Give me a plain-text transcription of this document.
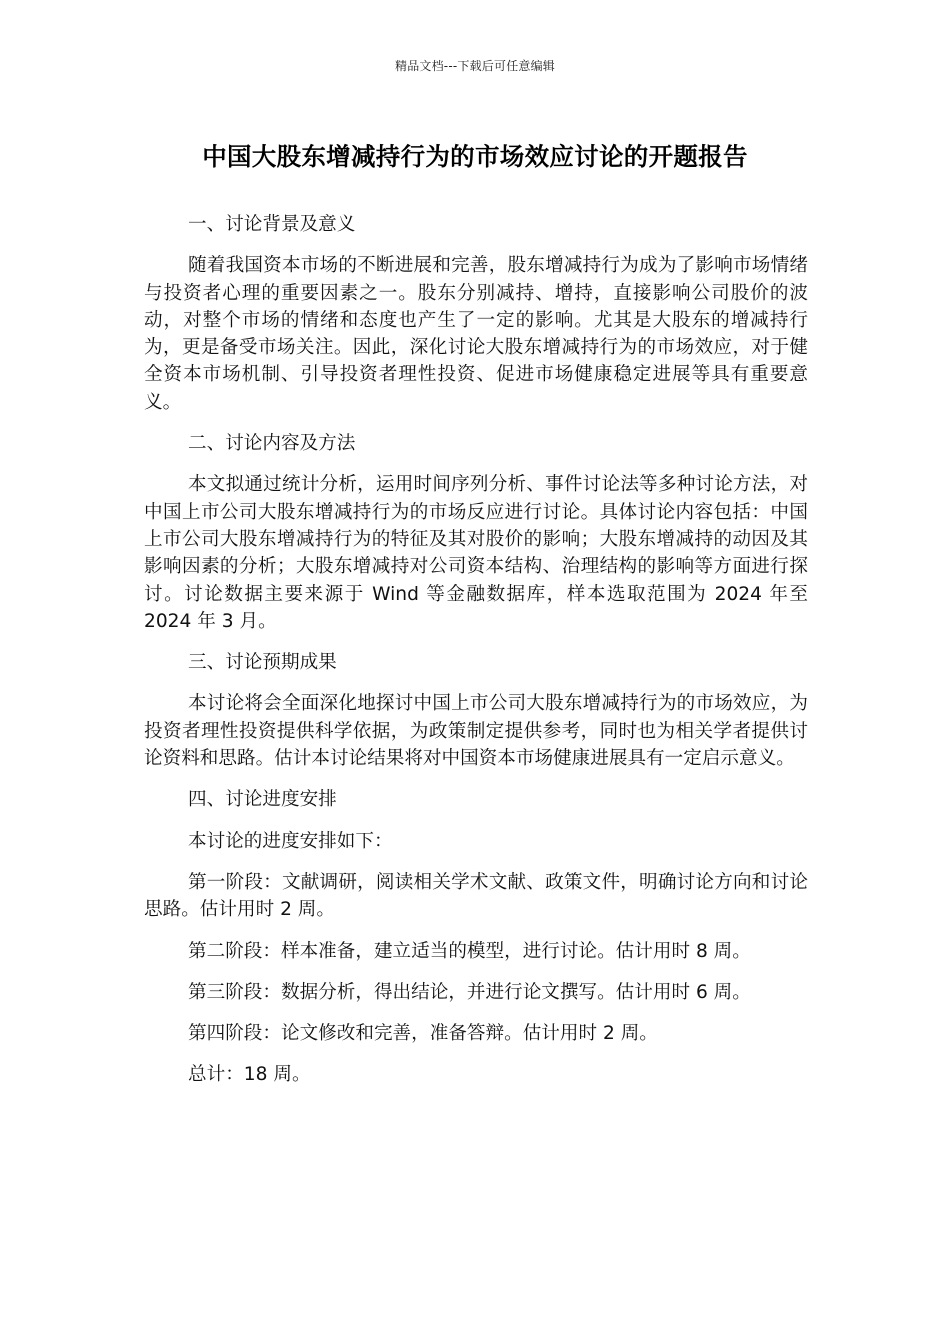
精品文档---下载后可任意编辑
中国大股东增减持行为的市场效应讨论的开题报告

一、讨论背景及意义

随着我国资本市场的不断进展和完善，股东增减持行为成为了影响市场情绪与投资者心理的重要因素之一。股东分别减持、增持，直接影响公司股价的波动，对整个市场的情绪和态度也产生了一定的影响。尤其是大股东的增减持行为，更是备受市场关注。因此，深化讨论大股东增减持行为的市场效应，对于健全资本市场机制、引导投资者理性投资、促进市场健康稳定进展等具有重要意义。

二、讨论内容及方法

本文拟通过统计分析，运用时间序列分析、事件讨论法等多种讨论方法，对中国上市公司大股东增减持行为的市场反应进行讨论。具体讨论内容包括：中国上市公司大股东增减持行为的特征及其对股价的影响；大股东增减持的动因及其影响因素的分析；大股东增减持对公司资本结构、治理结构的影响等方面进行探讨。讨论数据主要来源于 Wind 等金融数据库，样本选取范围为 2024 年至 2024 年 3 月。

三、讨论预期成果

本讨论将会全面深化地探讨中国上市公司大股东增减持行为的市场效应，为投资者理性投资提供科学依据，为政策制定提供参考，同时也为相关学者提供讨论资料和思路。估计本讨论结果将对中国资本市场健康进展具有一定启示意义。

四、讨论进度安排

本讨论的进度安排如下：

第一阶段：文献调研，阅读相关学术文献、政策文件，明确讨论方向和讨论思路。估计用时 2 周。

第二阶段：样本准备，建立适当的模型，进行讨论。估计用时 8 周。

第三阶段：数据分析，得出结论，并进行论文撰写。估计用时 6 周。

第四阶段：论文修改和完善，准备答辩。估计用时 2 周。

总计：18 周。
